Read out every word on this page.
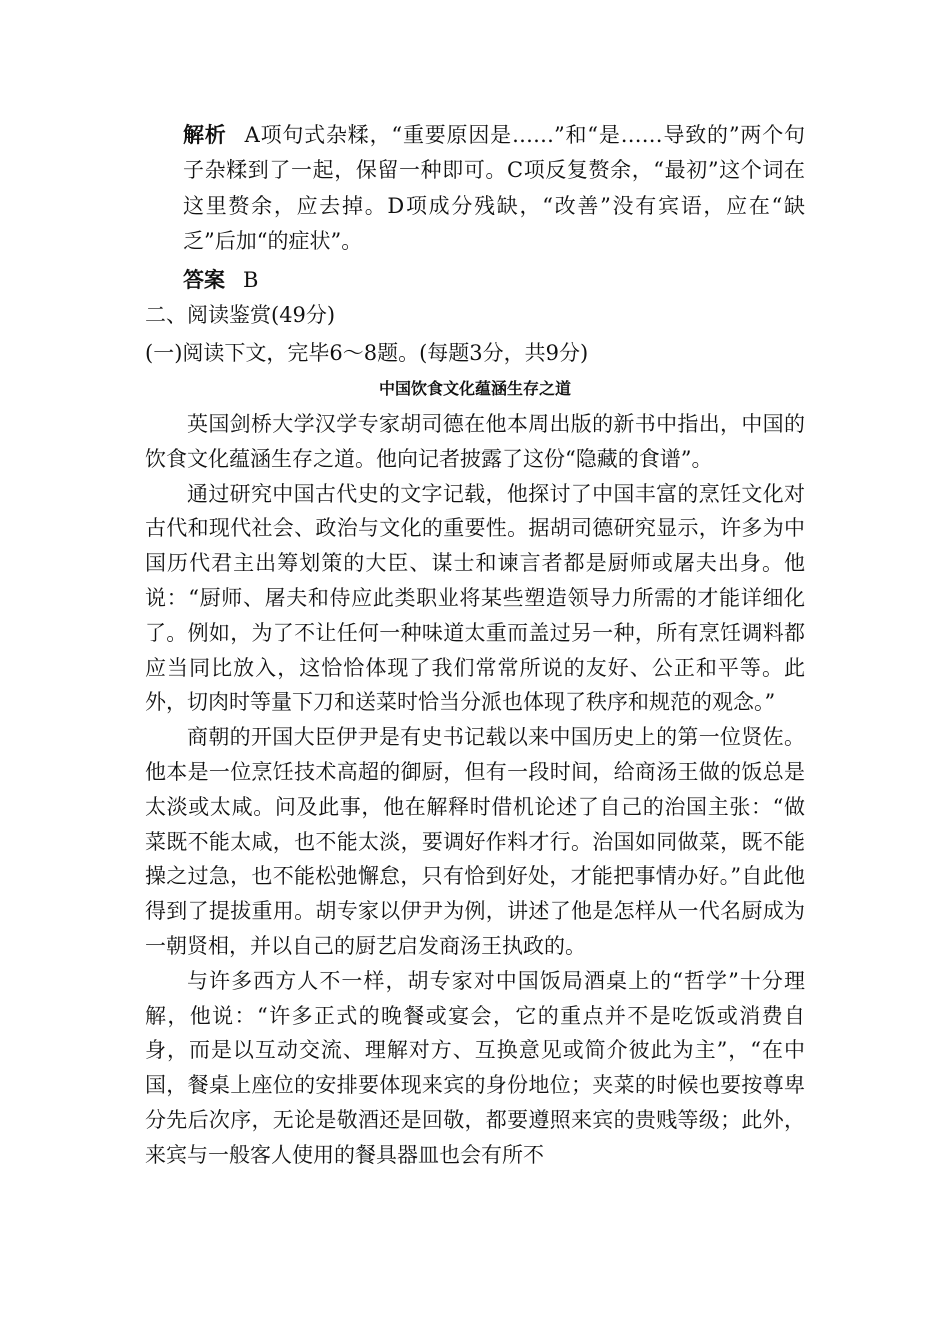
解析 A项句式杂糅，“重要原因是……”和“是……导致的”两个句子杂糅到了一起，保留一种即可。C项反复赘余，“最初”这个词在这里赘余，应去掉。D项成分残缺，“改善”没有宾语，应在“缺乏”后加“的症状”。
答案 B
二、阅读鉴赏(49分)
(一)阅读下文，完毕6～8题。(每题3分，共9分)
中国饮食文化蕴涵生存之道

英国剑桥大学汉学专家胡司德在他本周出版的新书中指出，中国的饮食文化蕴涵生存之道。他向记者披露了这份“隐藏的食谱”。

通过研究中国古代史的文字记载，他探讨了中国丰富的烹饪文化对古代和现代社会、政治与文化的重要性。据胡司德研究显示，许多为中国历代君主出筹划策的大臣、谋士和谏言者都是厨师或屠夫出身。他说：“厨师、屠夫和侍应此类职业将某些塑造领导力所需的才能详细化了。例如，为了不让任何一种味道太重而盖过另一种，所有烹饪调料都应当同比放入，这恰恰体现了我们常常所说的友好、公正和平等。此外，切肉时等量下刀和送菜时恰当分派也体现了秩序和规范的观念。”

商朝的开国大臣伊尹是有史书记载以来中国历史上的第一位贤佐。他本是一位烹饪技术高超的御厨，但有一段时间，给商汤王做的饭总是太淡或太咸。问及此事，他在解释时借机论述了自己的治国主张：“做菜既不能太咸，也不能太淡，要调好作料才行。治国如同做菜，既不能操之过急，也不能松弛懈怠，只有恰到好处，才能把事情办好。”自此他得到了提拔重用。胡专家以伊尹为例，讲述了他是怎样从一代名厨成为一朝贤相，并以自己的厨艺启发商汤王执政的。

与许多西方人不一样，胡专家对中国饭局酒桌上的“哲学”十分理解，他说：“许多正式的晚餐或宴会，它的重点并不是吃饭或消费自身，而是以互动交流、理解对方、互换意见或简介彼此为主”，“在中国，餐桌上座位的安排要体现来宾的身份地位；夹菜的时候也要按尊卑分先后次序，无论是敬酒还是回敬，都要遵照来宾的贵贱等级；此外，来宾与一般客人使用的餐具器皿也会有所不
